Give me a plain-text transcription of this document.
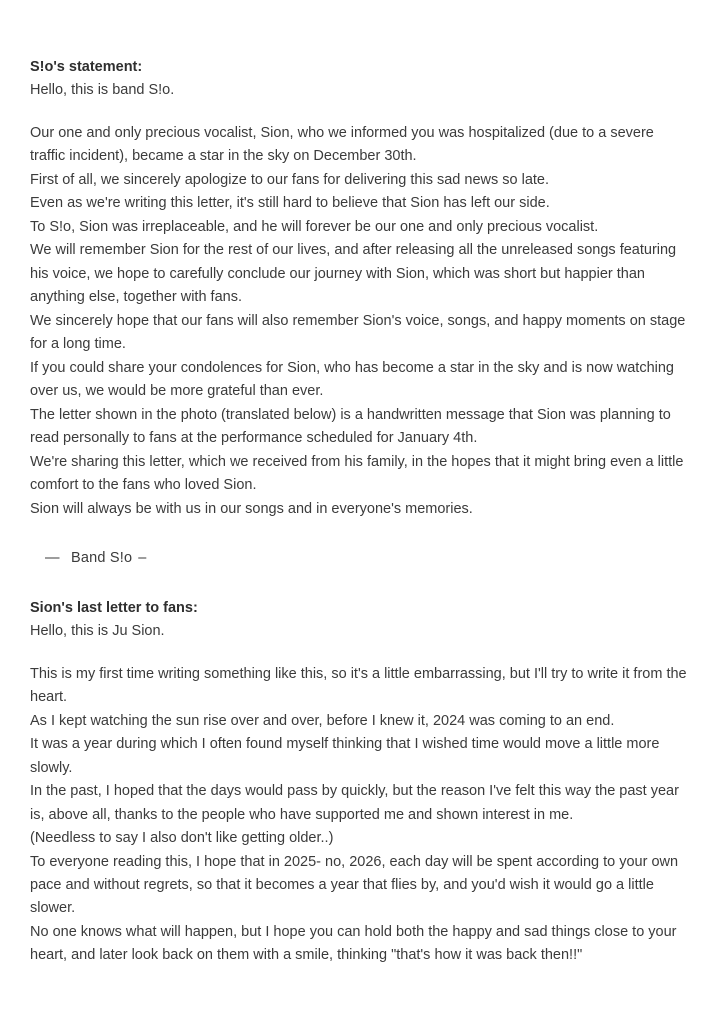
S!o's statement:
Hello, this is band S!o.
Our one and only precious vocalist, Sion, who we informed you was hospitalized (due to a severe traffic incident), became a star in the sky on December 30th.
First of all, we sincerely apologize to our fans for delivering this sad news so late.
Even as we're writing this letter, it's still hard to believe that Sion has left our side.
To S!o, Sion was irreplaceable, and he will forever be our one and only precious vocalist.
We will remember Sion for the rest of our lives, and after releasing all the unreleased songs featuring his voice, we hope to carefully conclude our journey with Sion, which was short but happier than anything else, together with fans.
We sincerely hope that our fans will also remember Sion's voice, songs, and happy moments on stage for a long time.
If you could share your condolences for Sion, who has become a star in the sky and is now watching over us, we would be more grateful than ever.
The letter shown in the photo (translated below) is a handwritten message that Sion was planning to read personally to fans at the performance scheduled for January 4th.
We're sharing this letter, which we received from his family, in the hopes that it might bring even a little comfort to the fans who loved Sion.
Sion will always be with us in our songs and in everyone's memories.
— Band S!o –
Sion's last letter to fans:
Hello, this is Ju Sion.
This is my first time writing something like this, so it's a little embarrassing, but I'll try to write it from the heart.
As I kept watching the sun rise over and over, before I knew it, 2024 was coming to an end.
It was a year during which I often found myself thinking that I wished time would move a little more slowly.
In the past, I hoped that the days would pass by quickly, but the reason I've felt this way the past year is, above all, thanks to the people who have supported me and shown interest in me.
(Needless to say I also don't like getting older..)
To everyone reading this, I hope that in 2025- no, 2026, each day will be spent according to your own pace and without regrets, so that it becomes a year that flies by, and you'd wish it would go a little slower.
No one knows what will happen, but I hope you can hold both the happy and sad things close to your heart, and later look back on them with a smile, thinking "that's how it was back then!!"
